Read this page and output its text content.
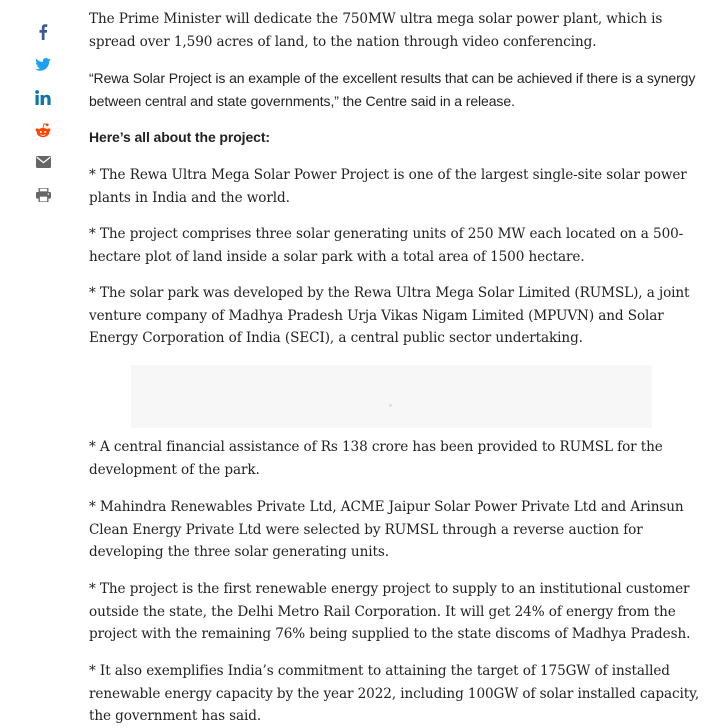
The Prime Minister will dedicate the 750MW ultra mega solar power plant, which is spread over 1,590 acres of land, to the nation through video conferencing.

“Rewa Solar Project is an example of the excellent results that can be achieved if there is a synergy between central and state governments,” the Centre said in a release.

Here’s all about the project:

* The Rewa Ultra Mega Solar Power Project is one of the largest single-site solar power plants in India and the world.

* The project comprises three solar generating units of 250 MW each located on a 500-hectare plot of land inside a solar park with a total area of 1500 hectare.

* The solar park was developed by the Rewa Ultra Mega Solar Limited (RUMSL), a joint venture company of Madhya Pradesh Urja Vikas Nigam Limited (MPUVN) and Solar Energy Corporation of India (SECI), a central public sector undertaking.

* A central financial assistance of Rs 138 crore has been provided to RUMSL for the development of the park.

* Mahindra Renewables Private Ltd, ACME Jaipur Solar Power Private Ltd and Arinsun Clean Energy Private Ltd were selected by RUMSL through a reverse auction for developing the three solar generating units.

* The project is the first renewable energy project to supply to an institutional customer outside the state, the Delhi Metro Rail Corporation. It will get 24% of energy from the project with the remaining 76% being supplied to the state discoms of Madhya Pradesh.

* It also exemplifies India’s commitment to attaining the target of 175GW of installed renewable energy capacity by the year 2022, including 100GW of solar installed capacity, the government has said.
